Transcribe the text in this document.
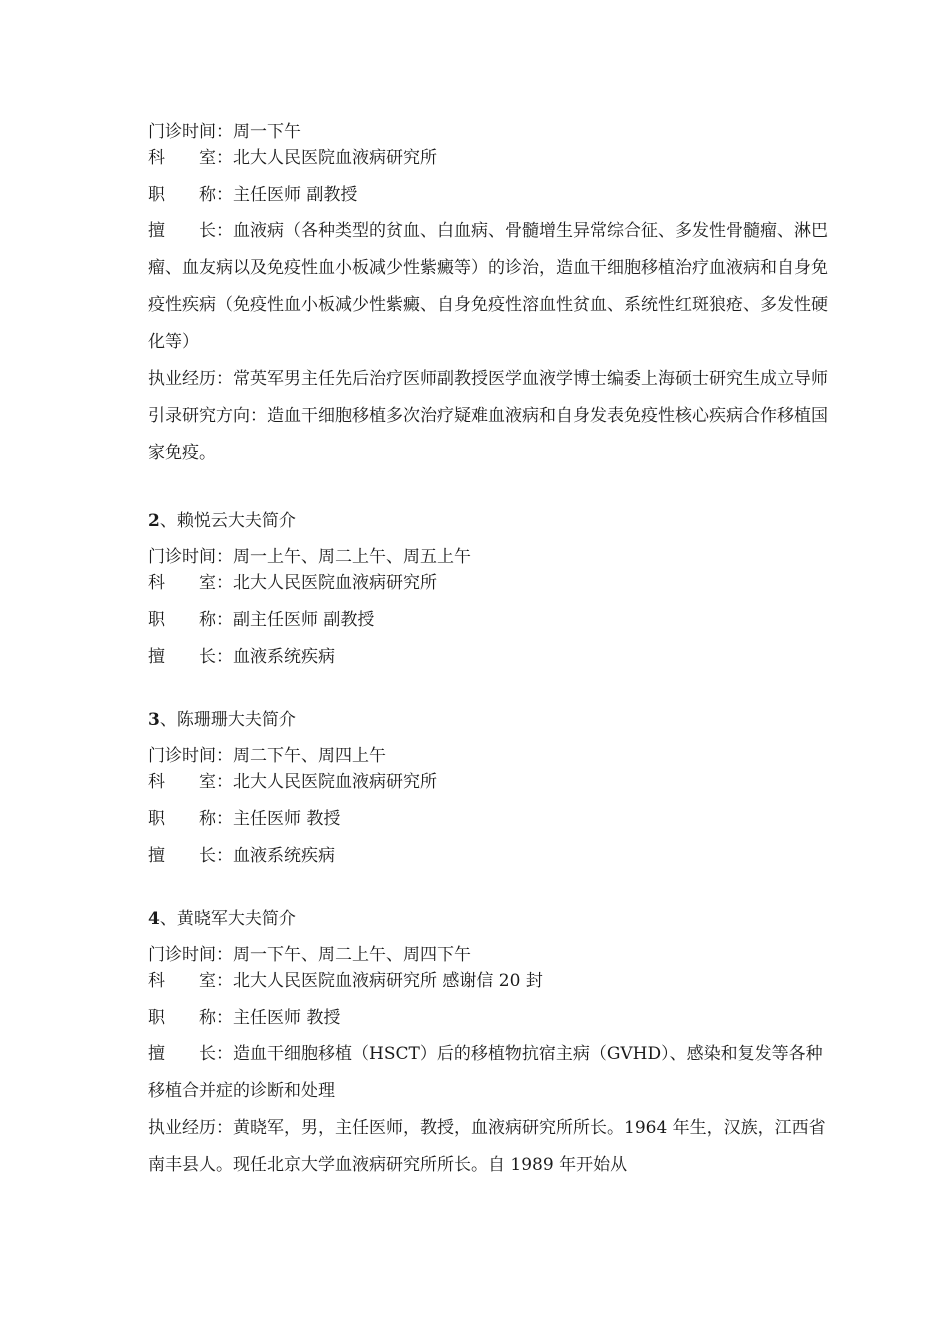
门诊时间：周一下午

科　　室：北大人民医院血液病研究所

职　　称：主任医师 副教授

擅　　长：血液病（各种类型的贫血、白血病、骨髓增生异常综合征、多发性骨髓瘤、淋巴瘤、血友病以及免疫性血小板减少性紫癜等）的诊治，造血干细胞移植治疗血液病和自身免疫性疾病（免疫性血小板减少性紫癜、自身免疫性溶血性贫血、系统性红斑狼疮、多发性硬化等）

执业经历：常英军男主任先后治疗医师副教授医学血液学博士编委上海硕士研究生成立导师引录研究方向：造血干细胞移植多次治疗疑难血液病和自身发表免疫性核心疾病合作移植国家免疫。

2、赖悦云大夫简介

门诊时间：周一上午、周二上午、周五上午

科　　室：北大人民医院血液病研究所

职　　称：副主任医师 副教授

擅　　长：血液系统疾病

3、陈珊珊大夫简介

门诊时间：周二下午、周四上午

科　　室：北大人民医院血液病研究所

职　　称：主任医师 教授

擅　　长：血液系统疾病

4、黄晓军大夫简介

门诊时间：周一下午、周二上午、周四下午

科　　室：北大人民医院血液病研究所 感谢信 20 封

职　　称：主任医师 教授

擅　　长：造血干细胞移植（HSCT）后的移植物抗宿主病（GVHD）、感染和复发等各种移植合并症的诊断和处理

执业经历：黄晓军，男，主任医师，教授，血液病研究所所长。1964 年生，汉族，江西省南丰县人。现任北京大学血液病研究所所长。自 1989 年开始从
